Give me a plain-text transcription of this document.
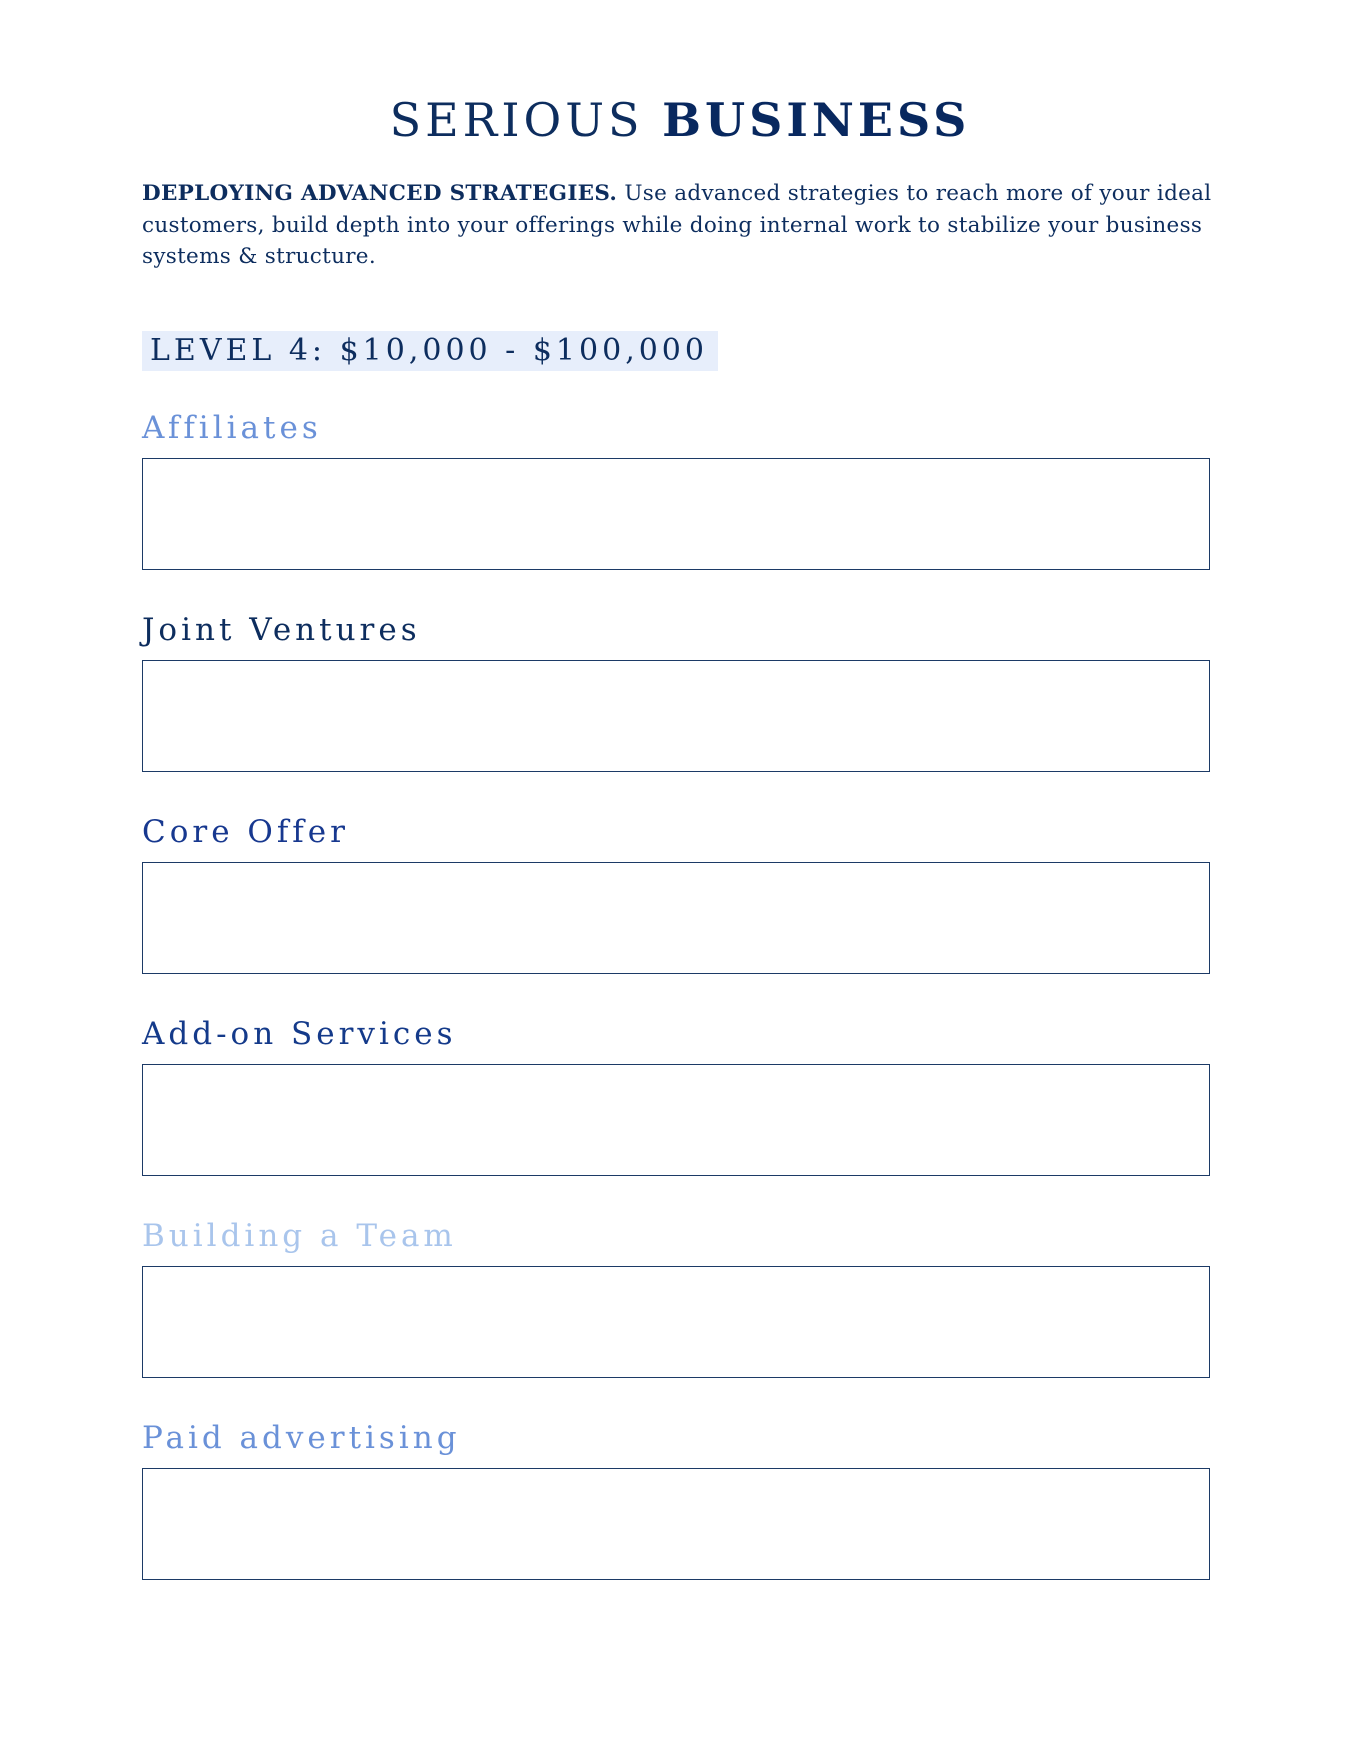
SERIOUS BUSINESS
DEPLOYING ADVANCED STRATEGIES. Use advanced strategies to reach more of your ideal customers, build depth into your offerings while doing internal work to stabilize your business systems & structure.
LEVEL 4: $10,000 - $100,000
Affiliates
Joint Ventures
Core Offer
Add-on Services
Building a Team
Paid advertising
